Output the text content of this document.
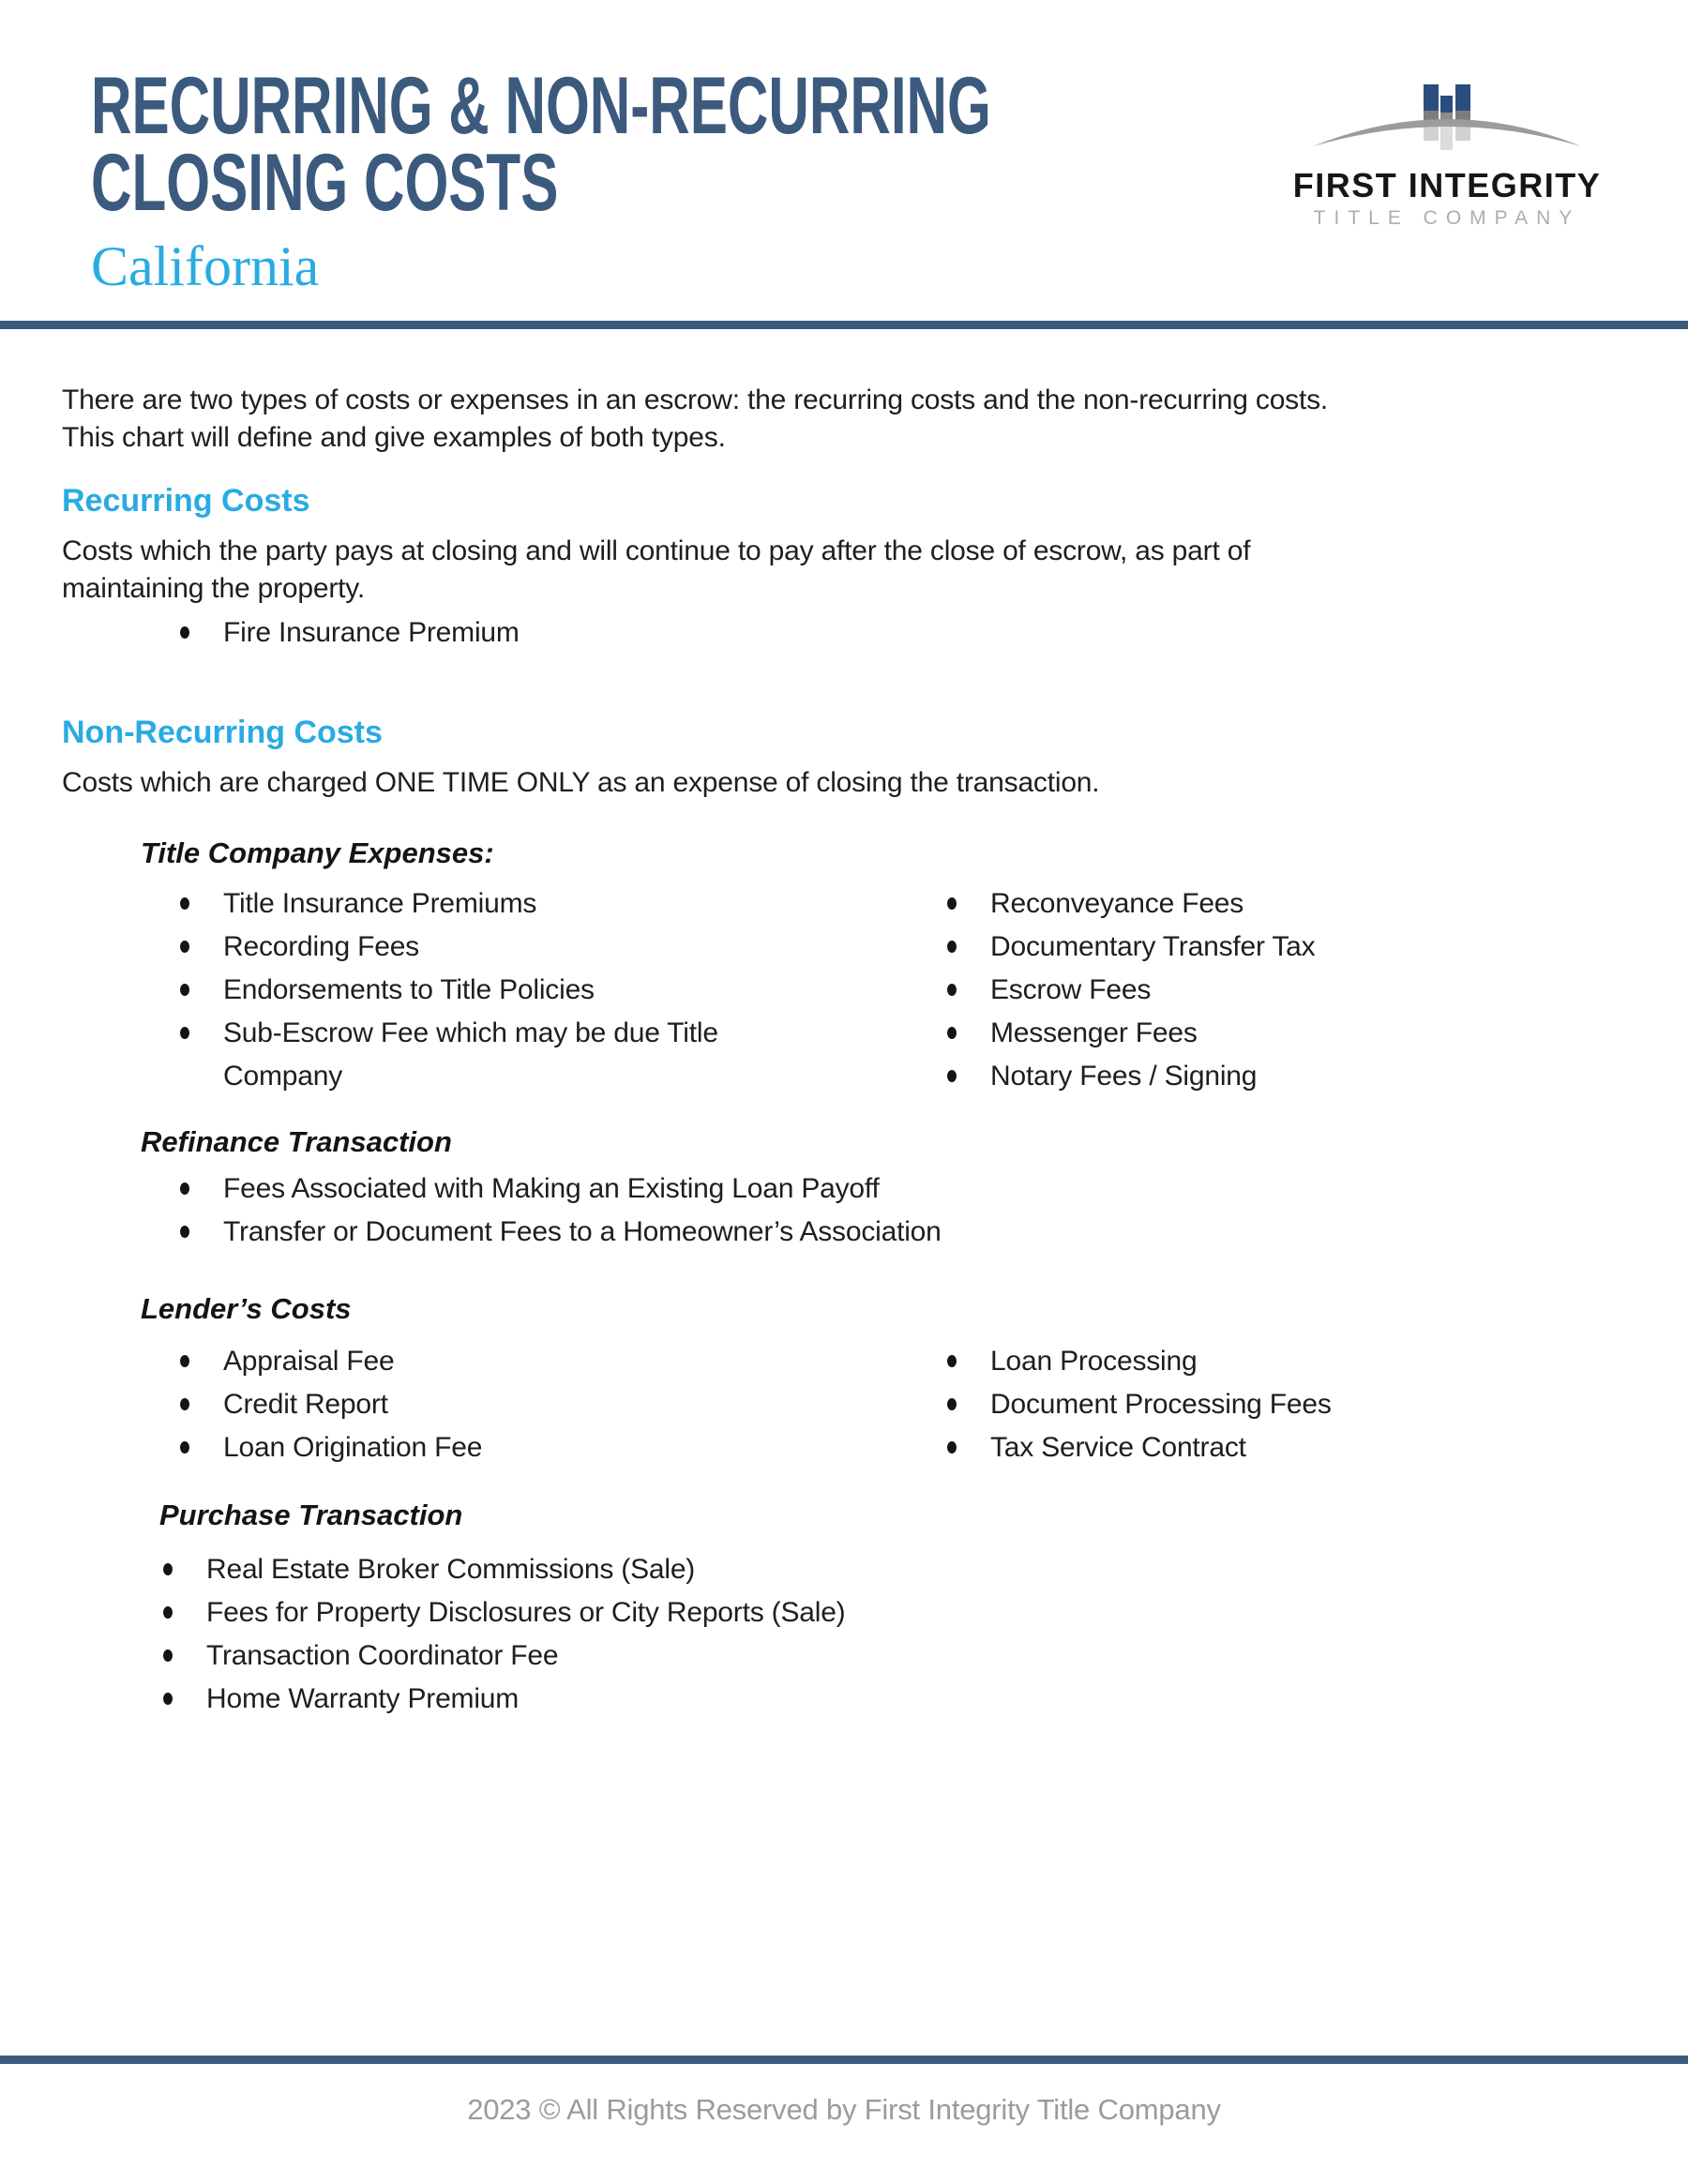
RECURRING & NON-RECURRING
CLOSING COSTS
California
FIRST INTEGRITY
TITLE COMPANY
There are two types of costs or expenses in an escrow: the recurring costs and the non-recurring costs.
This chart will define and give examples of both types.
Recurring Costs
Costs which the party pays at closing and will continue to pay after the close of escrow, as part of
maintaining the property.
Fire Insurance Premium
Non-Recurring Costs
Costs which are charged ONE TIME ONLY as an expense of closing the transaction.
Title Company Expenses:
Title Insurance Premiums
Recording Fees
Endorsements to Title Policies
Sub-Escrow Fee which may be due Title Company
Reconveyance Fees
Documentary Transfer Tax
Escrow Fees
Messenger Fees
Notary Fees / Signing
Refinance Transaction
Fees Associated with Making an Existing Loan Payoff
Transfer or Document Fees to a Homeowner’s Association
Lender’s Costs
Appraisal Fee
Credit Report
Loan Origination Fee
Loan Processing
Document Processing Fees
Tax Service Contract
Purchase Transaction
Real Estate Broker Commissions (Sale)
Fees for Property Disclosures or City Reports (Sale)
Transaction Coordinator Fee
Home Warranty Premium
2023 © All Rights Reserved by First Integrity Title Company
